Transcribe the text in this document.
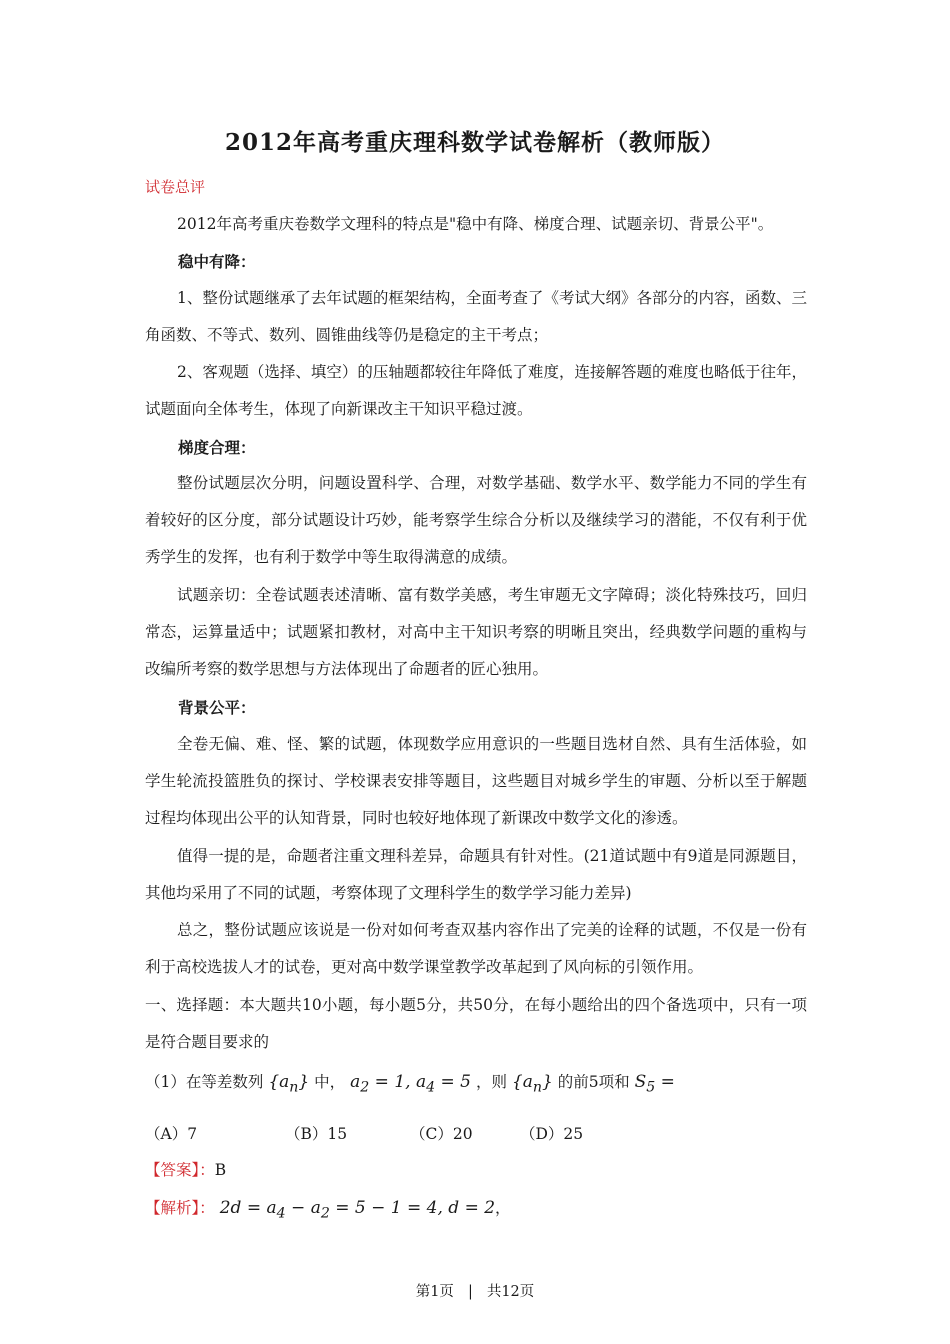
2012年高考重庆理科数学试卷解析（教师版）
试卷总评

2012年高考重庆卷数学文理科的特点是"稳中有降、梯度合理、试题亲切、背景公平"。

稳中有降：

1、整份试题继承了去年试题的框架结构，全面考查了《考试大纲》各部分的内容，函数、三角函数、不等式、数列、圆锥曲线等仍是稳定的主干考点；

2、客观题（选择、填空）的压轴题都较往年降低了难度，连接解答题的难度也略低于往年，试题面向全体考生，体现了向新课改主干知识平稳过渡。

梯度合理：

整份试题层次分明，问题设置科学、合理，对数学基础、数学水平、数学能力不同的学生有着较好的区分度，部分试题设计巧妙，能考察学生综合分析以及继续学习的潜能，不仅有利于优秀学生的发挥，也有利于数学中等生取得满意的成绩。

试题亲切：全卷试题表述清晰、富有数学美感，考生审题无文字障碍；淡化特殊技巧，回归常态，运算量适中；试题紧扣教材，对高中主干知识考察的明晰且突出，经典数学问题的重构与改编所考察的数学思想与方法体现出了命题者的匠心独用。

背景公平：

全卷无偏、难、怪、繁的试题，体现数学应用意识的一些题目选材自然、具有生活体验，如学生轮流投篮胜负的探讨、学校课表安排等题目，这些题目对城乡学生的审题、分析以至于解题过程均体现出公平的认知背景，同时也较好地体现了新课改中数学文化的渗透。

值得一提的是，命题者注重文理科差异，命题具有针对性。(21道试题中有9道是同源题目，其他均采用了不同的试题，考察体现了文理科学生的数学学习能力差异)

总之，整份试题应该说是一份对如何考查双基内容作出了完美的诠释的试题，不仅是一份有利于高校选拔人才的试卷，更对高中数学课堂教学改革起到了风向标的引领作用。

一、选择题：本大题共10小题，每小题5分，共50分，在每小题给出的四个备选项中，只有一项是符合题目要求的

（1）在等差数列 $\{a_n\}$ 中， $a_2 = 1$, $a_4 = 5$ ，则 $\{a_n\}$ 的前5项和 $S_5$ =
（A）7	（B）15	（C）20	（D）25
【答案】：B
【解析】： $2d = a_4 - a_2 = 5 - 1 = 4$, d = 2，
第1页 | 共12页
